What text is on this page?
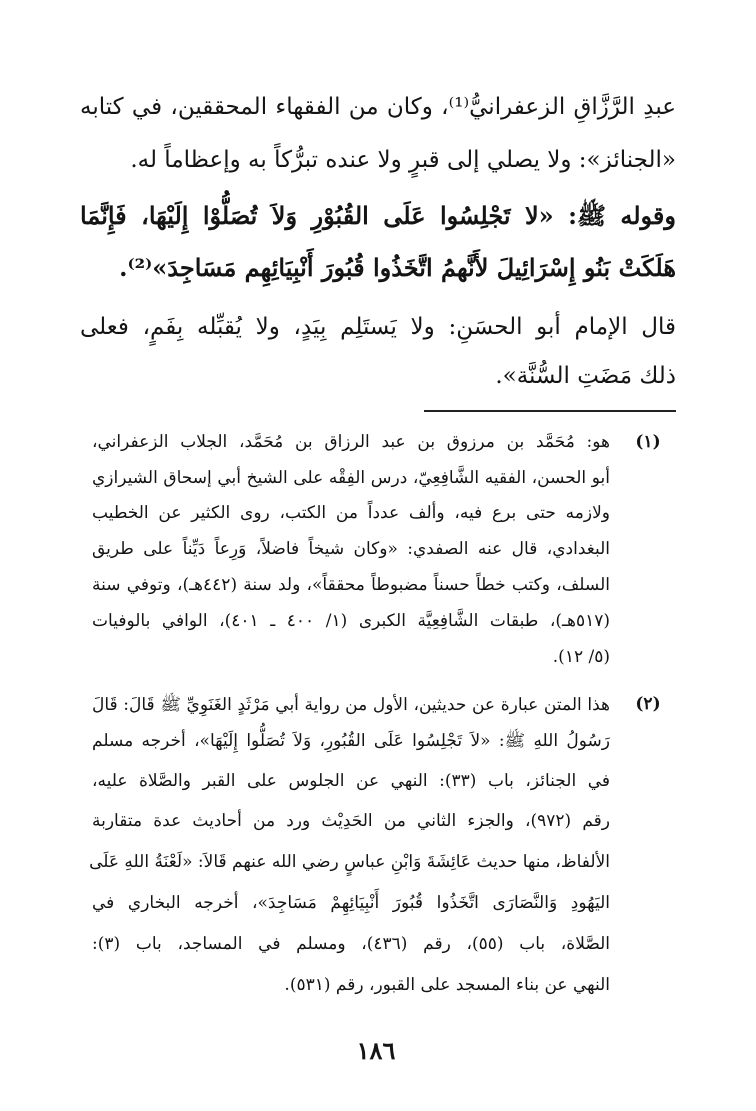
عبدِ الرَّزَّاقِ الزعفرانيُّ⁽¹⁾، وكان من الفقهاء المحققين، في كتابه
«الجنائز»: ولا يصلي إلى قبرٍ ولا عنده تبرُّكاً به وإعظاماً له.
وقوله ﷺ: «لا تَجْلِسُوا عَلَى القُبُوْرِ وَلاَ تُصَلُّوْا إِلَيْهَا، فَإِنَّمَا
هَلَكَتْ بَنُو إِسْرَائِيلَ لأَنَّهمُ اتَّخَذُوا قُبُورَ أَنْبِيَائِهِم مَسَاجِدَ»⁽²⁾.
قال الإمام أبو الحسَنِ: ولا يَستَلِم بِيَدٍ، ولا يُقبِّله بِفَمٍ، فعلى
ذلك مَضَتِ السُّنَّة».
(١)
هو: مُحَمَّد بن مرزوق بن عبد الرزاق بن مُحَمَّد، الجلاب الزعفراني،
أبو الحسن، الفقيه الشَّافِعِيّ، درس الفِقْه على الشيخ أبي إسحاق الشيرازي
ولازمه حتى برع فيه، وألف عدداً من الكتب، روى الكثير عن الخطيب
البغدادي، قال عنه الصفدي: «وكان شيخاً فاضلاً، وَرِعاً دَيِّناً على طريق
السلف، وكتب خطاً حسناً مضبوطاً محققاً»، ولد سنة (٤٤٢هـ)، وتوفي سنة
(٥١٧هـ)، طبقات الشَّافِعِيَّة الكبرى (١/ ٤٠٠ ـ ٤٠١)، الوافي بالوفيات
(٥/ ١٢).
(٢)
هذا المتن عبارة عن حديثين، الأول من رواية أبي مَرْثَدٍ الغَنَوِيِّ ﷺ قَالَ: قَالَ
رَسُولُ اللهِ ﷺ: «لاَ تَجْلِسُوا عَلَى القُبُورِ، وَلاَ تُصَلُّوا إِلَيْهَا»، أخرجه مسلم
في الجنائز، باب (٣٣): النهي عن الجلوس على القبر والصَّلاة عليه،
رقم (٩٧٢)، والجزء الثاني من الحَدِيْث ورد من أحاديث عدة متقاربة
الألفاظ، منها حديث عَائِشَةَ وَابْنِ عباسٍ رضي الله عنهم قَالاَ: «لَعْنَةُ اللهِ عَلَى
اليَهُودِ وَالنَّصَارَى اتَّخَذُوا قُبُورَ أَنْبِيَائِهِمْ مَسَاجِدَ»، أخرجه البخاري في
الصَّلاة، باب (٥٥)، رقم (٤٣٦)، ومسلم في المساجد، باب (٣):
النهي عن بناء المسجد على القبور، رقم (٥٣١).
١٨٦
